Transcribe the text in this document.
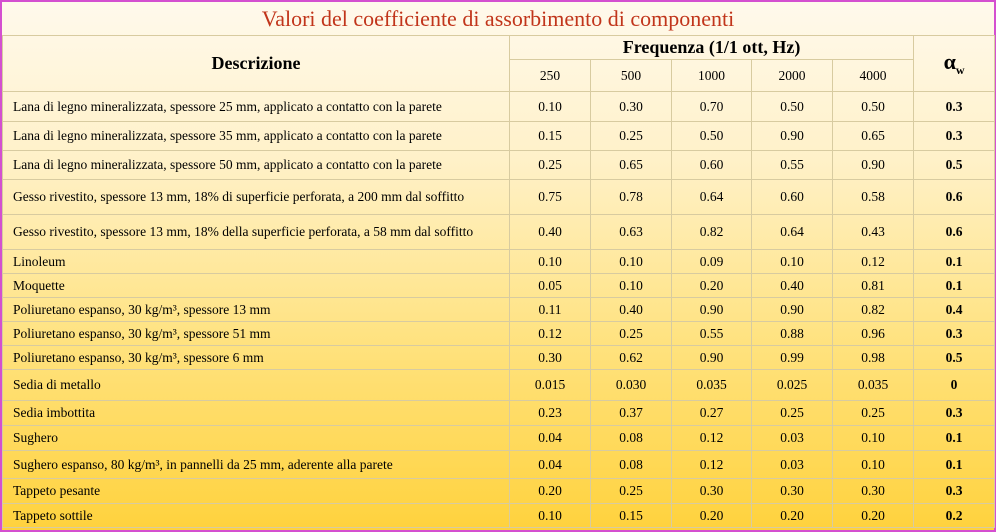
Valori del coefficiente di assorbimento di componenti
Descrizione	Frequenza (1/1 ott, Hz)					$\alpha_w$
	250	500	1000	2000	4000	
Lana di legno mineralizzata, spessore 25 mm, applicato a contatto con la parete	0.10	0.30	0.70	0.50	0.50	0.3
Lana di legno mineralizzata, spessore 35 mm, applicato a contatto con la parete	0.15	0.25	0.50	0.90	0.65	0.3
Lana di legno mineralizzata, spessore 50 mm, applicato a contatto con la parete	0.25	0.65	0.60	0.55	0.90	0.5
Gesso rivestito, spessore 13 mm, 18% di superficie perforata, a 200 mm dal soffitto	0.75	0.78	0.64	0.60	0.58	0.6
Gesso rivestito, spessore 13 mm, 18% della superficie perforata, a 58 mm dal soffitto	0.40	0.63	0.82	0.64	0.43	0.6
Linoleum	0.10	0.10	0.09	0.10	0.12	0.1
Moquette	0.05	0.10	0.20	0.40	0.81	0.1
Poliuretano espanso, 30 kg/m³, spessore 13 mm	0.11	0.40	0.90	0.90	0.82	0.4
Poliuretano espanso, 30 kg/m³, spessore 51 mm	0.12	0.25	0.55	0.88	0.96	0.3
Poliuretano espanso, 30 kg/m³, spessore 6 mm	0.30	0.62	0.90	0.99	0.98	0.5
Sedia di metallo	0.015	0.030	0.035	0.025	0.035	0
Sedia imbottita	0.23	0.37	0.27	0.25	0.25	0.3
Sughero	0.04	0.08	0.12	0.03	0.10	0.1
Sughero espanso, 80 kg/m³, in pannelli da 25 mm, aderente alla parete	0.04	0.08	0.12	0.03	0.10	0.1
Tappeto pesante	0.20	0.25	0.30	0.30	0.30	0.3
Tappeto sottile	0.10	0.15	0.20	0.20	0.20	0.2
